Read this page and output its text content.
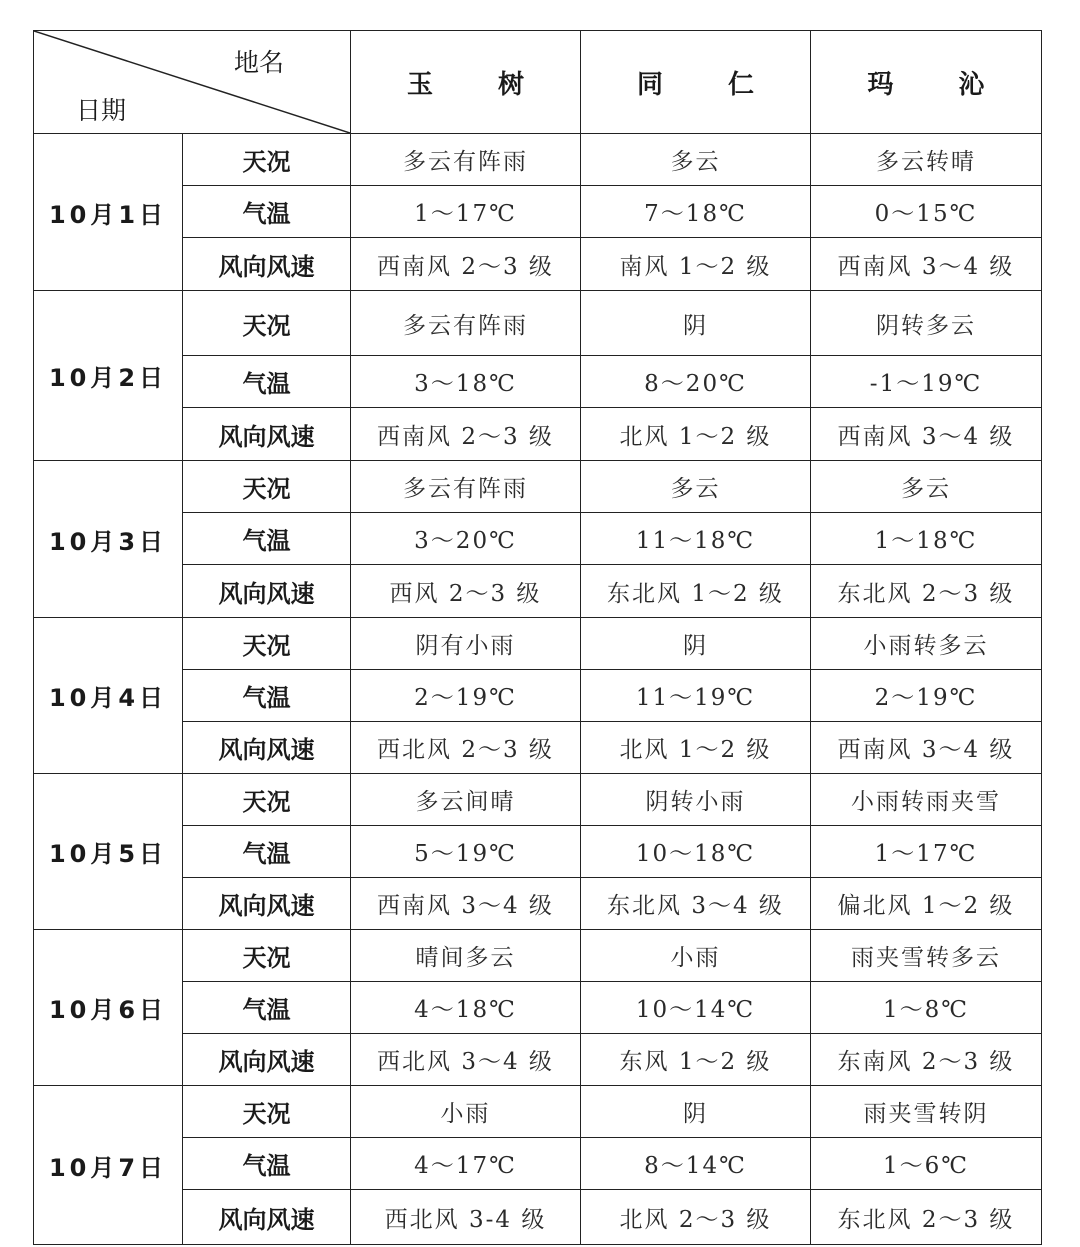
地名
日期		玉 树	同 仁	玛 沁
10月1日	天况	多云有阵雨	多云	多云转晴
	气温	1～17℃	7～18℃	0～15℃
	风向风速	西南风 2～3 级	南风 1～2 级	西南风 3～4 级
10月2日	天况	多云有阵雨	阴	阴转多云
	气温	3～18℃	8～20℃	-1～19℃
	风向风速	西南风 2～3 级	北风 1～2 级	西南风 3～4 级
10月3日	天况	多云有阵雨	多云	多云
	气温	3～20℃	11～18℃	1～18℃
	风向风速	西风 2～3 级	东北风 1～2 级	东北风 2～3 级
10月4日	天况	阴有小雨	阴	小雨转多云
	气温	2～19℃	11～19℃	2～19℃
	风向风速	西北风 2～3 级	北风 1～2 级	西南风 3～4 级
10月5日	天况	多云间晴	阴转小雨	小雨转雨夹雪
	气温	5～19℃	10～18℃	1～17℃
	风向风速	西南风 3～4 级	东北风 3～4 级	偏北风 1～2 级
10月6日	天况	晴间多云	小雨	雨夹雪转多云
	气温	4～18℃	10～14℃	1～8℃
	风向风速	西北风 3～4 级	东风 1～2 级	东南风 2～3 级
10月7日	天况	小雨	阴	雨夹雪转阴
	气温	4～17℃	8～14℃	1～6℃
	风向风速	西北风 3-4 级	北风 2～3 级	东北风 2～3 级
